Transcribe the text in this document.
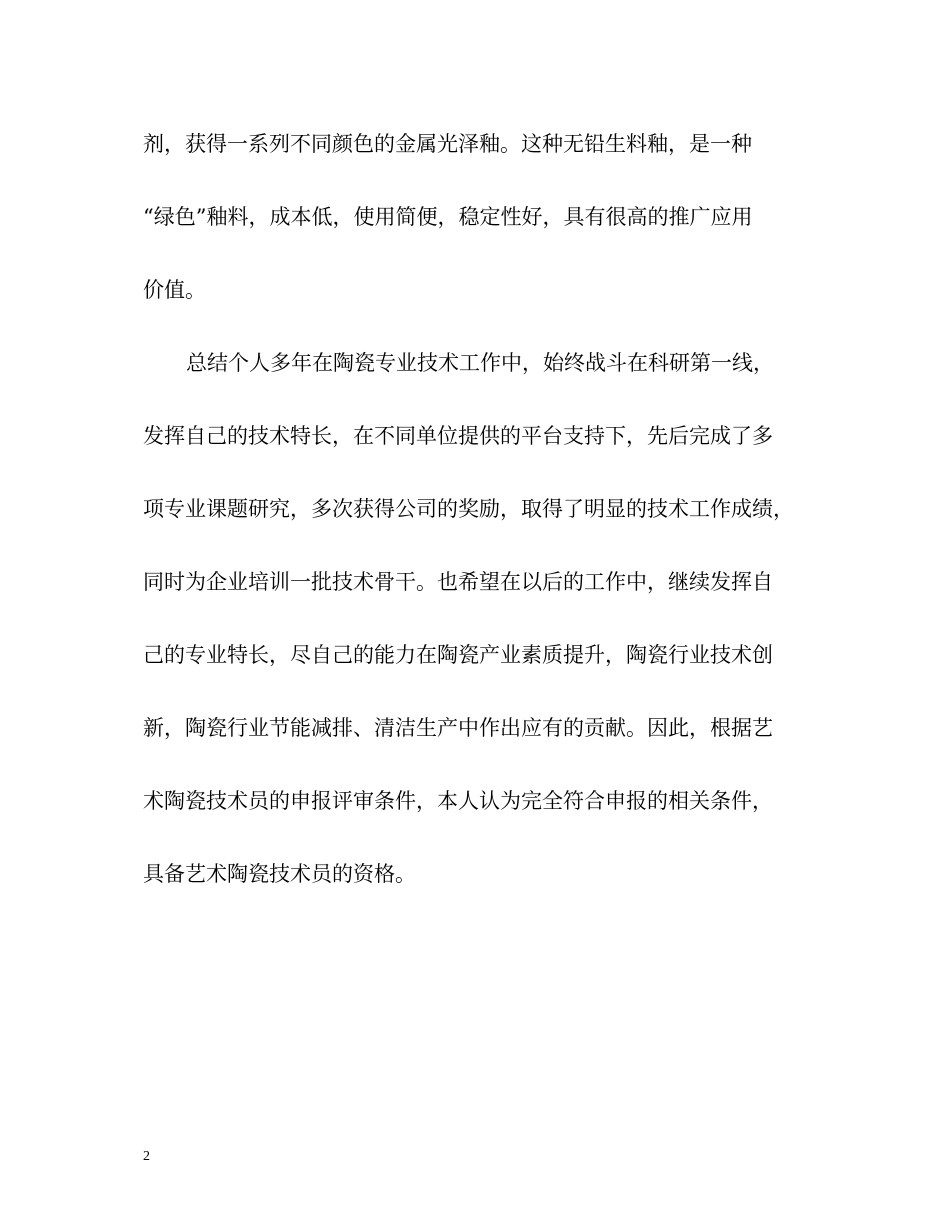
剂，获得一系列不同颜色的金属光泽釉。这种无铅生料釉，是一种
“绿色”釉料，成本低，使用简便，稳定性好，具有很高的推广应用
价值。
总结个人多年在陶瓷专业技术工作中，始终战斗在科研第一线，
发挥自己的技术特长，在不同单位提供的平台支持下，先后完成了多
项专业课题研究，多次获得公司的奖励，取得了明显的技术工作成绩，
同时为企业培训一批技术骨干。也希望在以后的工作中，继续发挥自
己的专业特长，尽自己的能力在陶瓷产业素质提升，陶瓷行业技术创
新，陶瓷行业节能减排、清洁生产中作出应有的贡献。因此，根据艺
术陶瓷技术员的申报评审条件，本人认为完全符合申报的相关条件，
具备艺术陶瓷技术员的资格。
2
